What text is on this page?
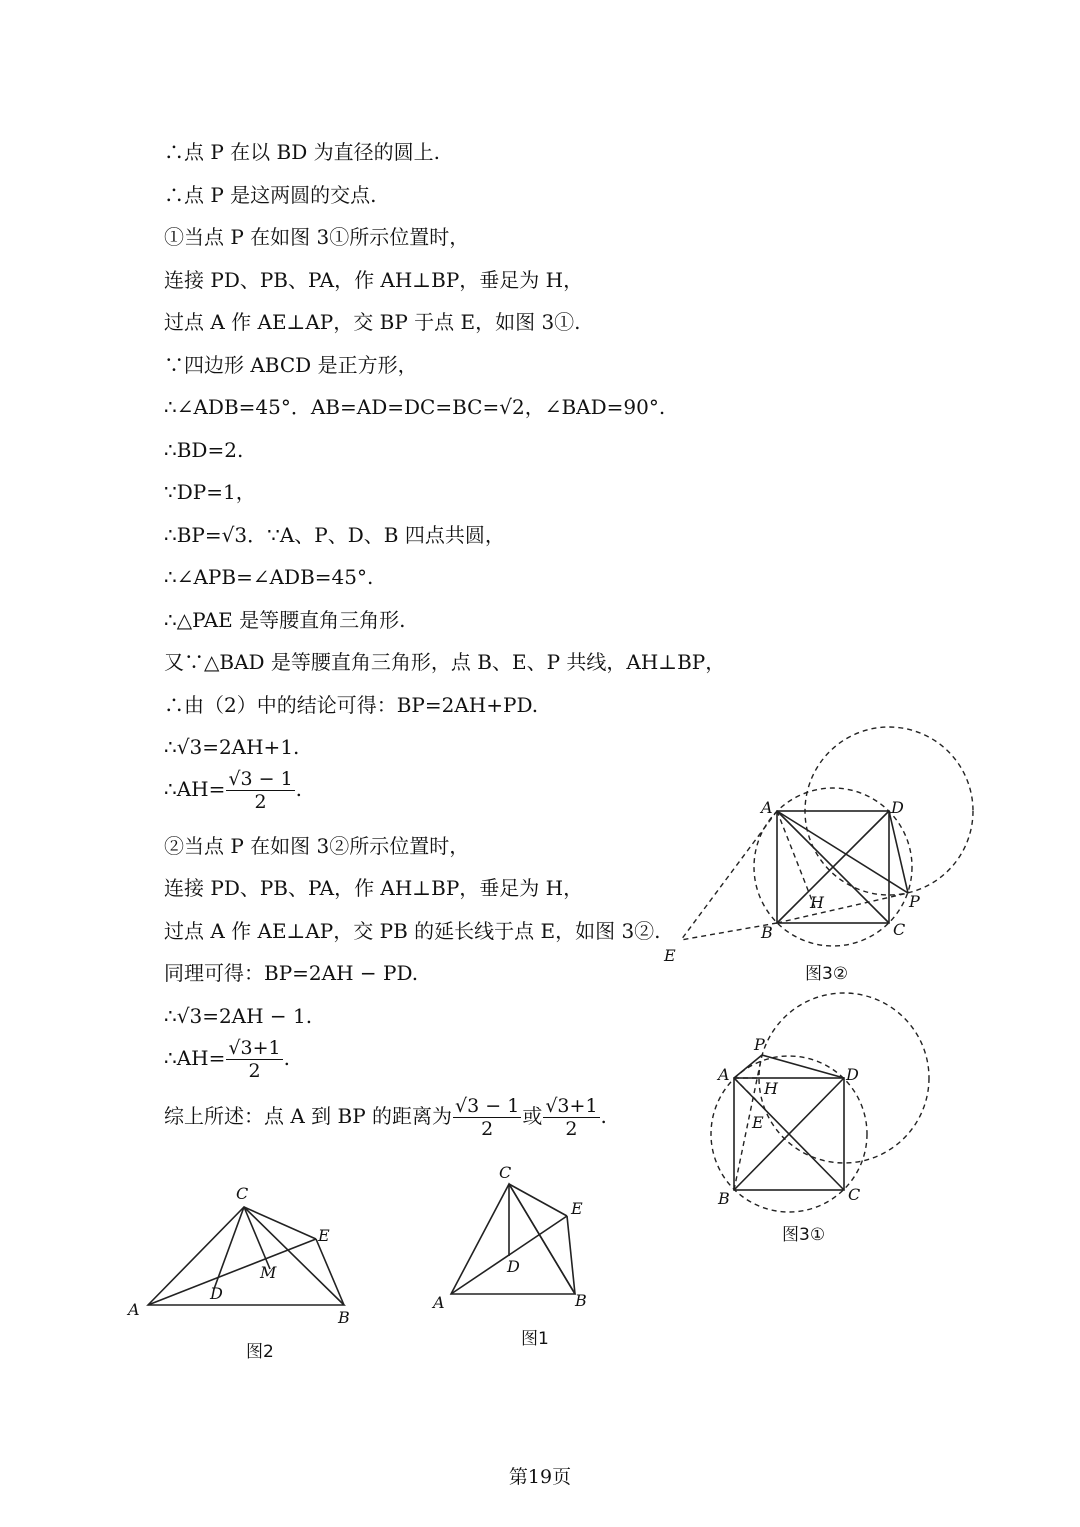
∴点 P 在以 BD 为直径的圆上.
∴点 P 是这两圆的交点.
①当点 P 在如图 3①所示位置时，
连接 PD、PB、PA，作 AH⊥BP，垂足为 H，
过点 A 作 AE⊥AP，交 BP 于点 E，如图 3①.
∵四边形 ABCD 是正方形，
∴∠ADB=45°．AB=AD=DC=BC=√2，∠BAD=90°.
∴BD=2.
∵DP=1，
∴BP=√3．∵A、P、D、B 四点共圆，
∴∠APB=∠ADB=45°.
∴△PAE 是等腰直角三角形.
又∵△BAD 是等腰直角三角形，点 B、E、P 共线，AH⊥BP，
∴由（2）中的结论可得：BP=2AH+PD.
∴√3=2AH+1.
∴AH= $\frac{√3 - 1}{2}$ .
②当点 P 在如图 3②所示位置时，
连接 PD、PB、PA，作 AH⊥BP，垂足为 H，
过点 A 作 AE⊥AP，交 PB 的延长线于点 E，如图 3②.
同理可得：BP=2AH − PD.
∴√3=2AH − 1.
∴AH= $\frac{√3+1}{2}$ .
综上所述：点 A 到 BP 的距离为 $\frac{√3 - 1}{2}$ 或 $\frac{√3+1}{2}$ .
A	D
H	P
B	C
E
图3②
P
A
H
D
E
B	C
图3①
C
E
M
D
A	B
图2
C
E
D
A	B
图1
第19页
